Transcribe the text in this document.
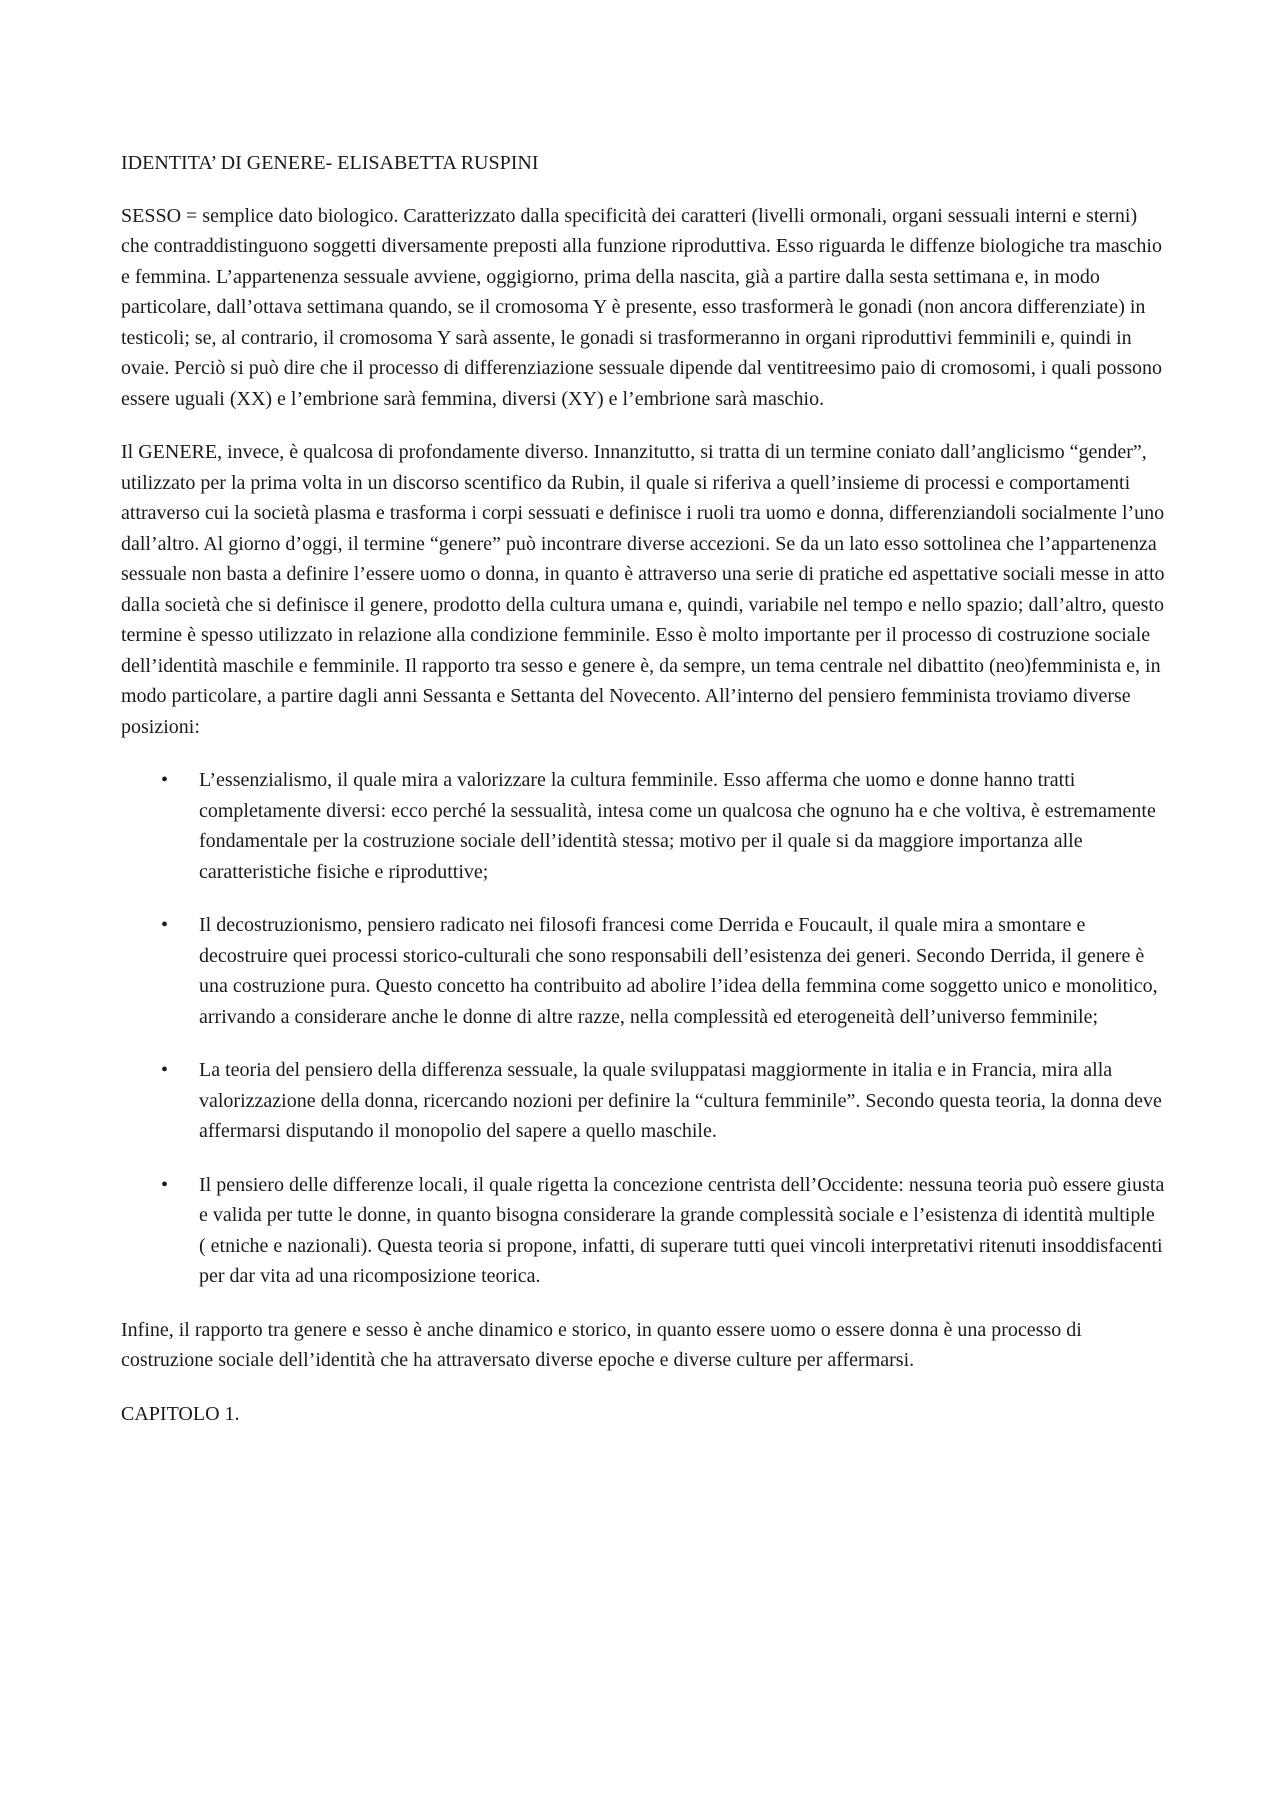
IDENTITA’ DI GENERE- ELISABETTA RUSPINI

SESSO = semplice dato biologico. Caratterizzato dalla specificità dei caratteri (livelli ormonali, organi sessuali interni e sterni) che contraddistinguono soggetti diversamente preposti alla funzione riproduttiva. Esso riguarda le diffenze biologiche tra maschio e femmina. L’appartenenza sessuale avviene, oggigiorno, prima della nascita, già a partire dalla sesta settimana e, in modo particolare, dall’ottava settimana quando, se il cromosoma Y è presente, esso trasformerà le gonadi (non ancora differenziate) in testicoli; se, al contrario, il cromosoma Y sarà assente, le gonadi si trasformeranno in organi riproduttivi femminili e, quindi in ovaie. Perciò si può dire che il processo di differenziazione sessuale dipende dal ventitreesimo paio di cromosomi, i quali possono essere uguali (XX) e l’embrione sarà femmina, diversi (XY) e l’embrione sarà maschio.

Il GENERE, invece, è qualcosa di profondamente diverso. Innanzitutto, si tratta di un termine coniato dall’anglicismo “gender”, utilizzato per la prima volta in un discorso scentifico da Rubin, il quale si riferiva a quell’insieme di processi e comportamenti attraverso cui la società plasma e trasforma i corpi sessuati e definisce i ruoli tra uomo e donna, differenziandoli socialmente l’uno dall’altro. Al giorno d’oggi, il termine “genere” può incontrare diverse accezioni. Se da un lato esso sottolinea che l’appartenenza sessuale non basta a definire l’essere uomo o donna, in quanto è attraverso una serie di pratiche ed aspettative sociali messe in atto dalla società che si definisce il genere, prodotto della cultura umana e, quindi, variabile nel tempo e nello spazio; dall’altro, questo termine è spesso utilizzato in relazione alla condizione femminile. Esso è molto importante per il processo di costruzione sociale dell’identità maschile e femminile. Il rapporto tra sesso e genere è, da sempre, un tema centrale nel dibattito (neo)femminista e, in modo particolare, a partire dagli anni Sessanta e Settanta del Novecento. All’interno del pensiero femminista troviamo diverse posizioni:

• L’essenzialismo, il quale mira a valorizzare la cultura femminile. Esso afferma che uomo e donne hanno tratti completamente diversi: ecco perché la sessualità, intesa come un qualcosa che ognuno ha e che voltiva, è estremamente fondamentale per la costruzione sociale dell’identità stessa; motivo per il quale si da maggiore importanza alle caratteristiche fisiche e riproduttive;
• Il decostruzionismo, pensiero radicato nei filosofi francesi come Derrida e Foucault, il quale mira a smontare e decostruire quei processi storico-culturali che sono responsabili dell’esistenza dei generi. Secondo Derrida, il genere è una costruzione pura. Questo concetto ha contribuito ad abolire l’idea della femmina come soggetto unico e monolitico, arrivando a considerare anche le donne di altre razze, nella complessità ed eterogeneità dell’universo femminile;
• La teoria del pensiero della differenza sessuale, la quale sviluppatasi maggiormente in italia e in Francia, mira alla valorizzazione della donna, ricercando nozioni per definire la “cultura femminile”. Secondo questa teoria, la donna deve affermarsi disputando il monopolio del sapere a quello maschile.
• Il pensiero delle differenze locali, il quale rigetta la concezione centrista dell’Occidente: nessuna teoria può essere giusta e valida per tutte le donne, in quanto bisogna considerare la grande complessità sociale e l’esistenza di identità multiple ( etniche e nazionali). Questa teoria si propone, infatti, di superare tutti quei vincoli interpretativi ritenuti insoddisfacenti per dar vita ad una ricomposizione teorica.

Infine, il rapporto tra genere e sesso è anche dinamico e storico, in quanto essere uomo o essere donna è una processo di costruzione sociale dell’identità che ha attraversato diverse epoche e diverse culture per affermarsi.

CAPITOLO 1.
